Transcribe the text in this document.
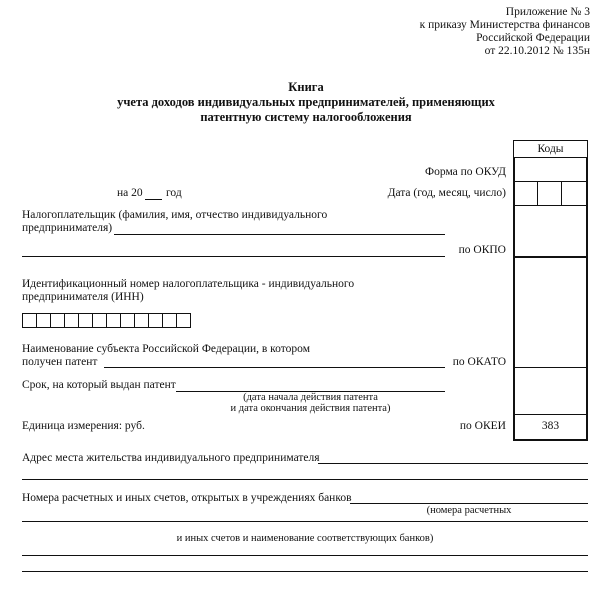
Приложение № 3
к приказу Министерства финансов
Российской Федерации
от 22.10.2012 № 135н
Книга
учета доходов индивидуальных предпринимателей, применяющих
патентную систему налогообложения
Коды
Форма по ОКУД
Дата (год, месяц, число)
на 20 год
Налогоплательщик (фамилия, имя, отчество индивидуального
предпринимателя)
по ОКПО
Идентификационный номер налогоплательщика - индивидуального
предпринимателя (ИНН)
Наименование субъекта Российской Федерации, в котором
получен патент	по ОКАТО
Срок, на который выдан патент
(дата начала действия патента
и дата окончания действия патента)
Единица измерения: руб.	по ОКЕИ	383
Адрес места жительства индивидуального предпринимателя
Номера расчетных и иных счетов, открытых в учреждениях банков
(номера расчетных
и иных счетов и наименование соответствующих банков)
